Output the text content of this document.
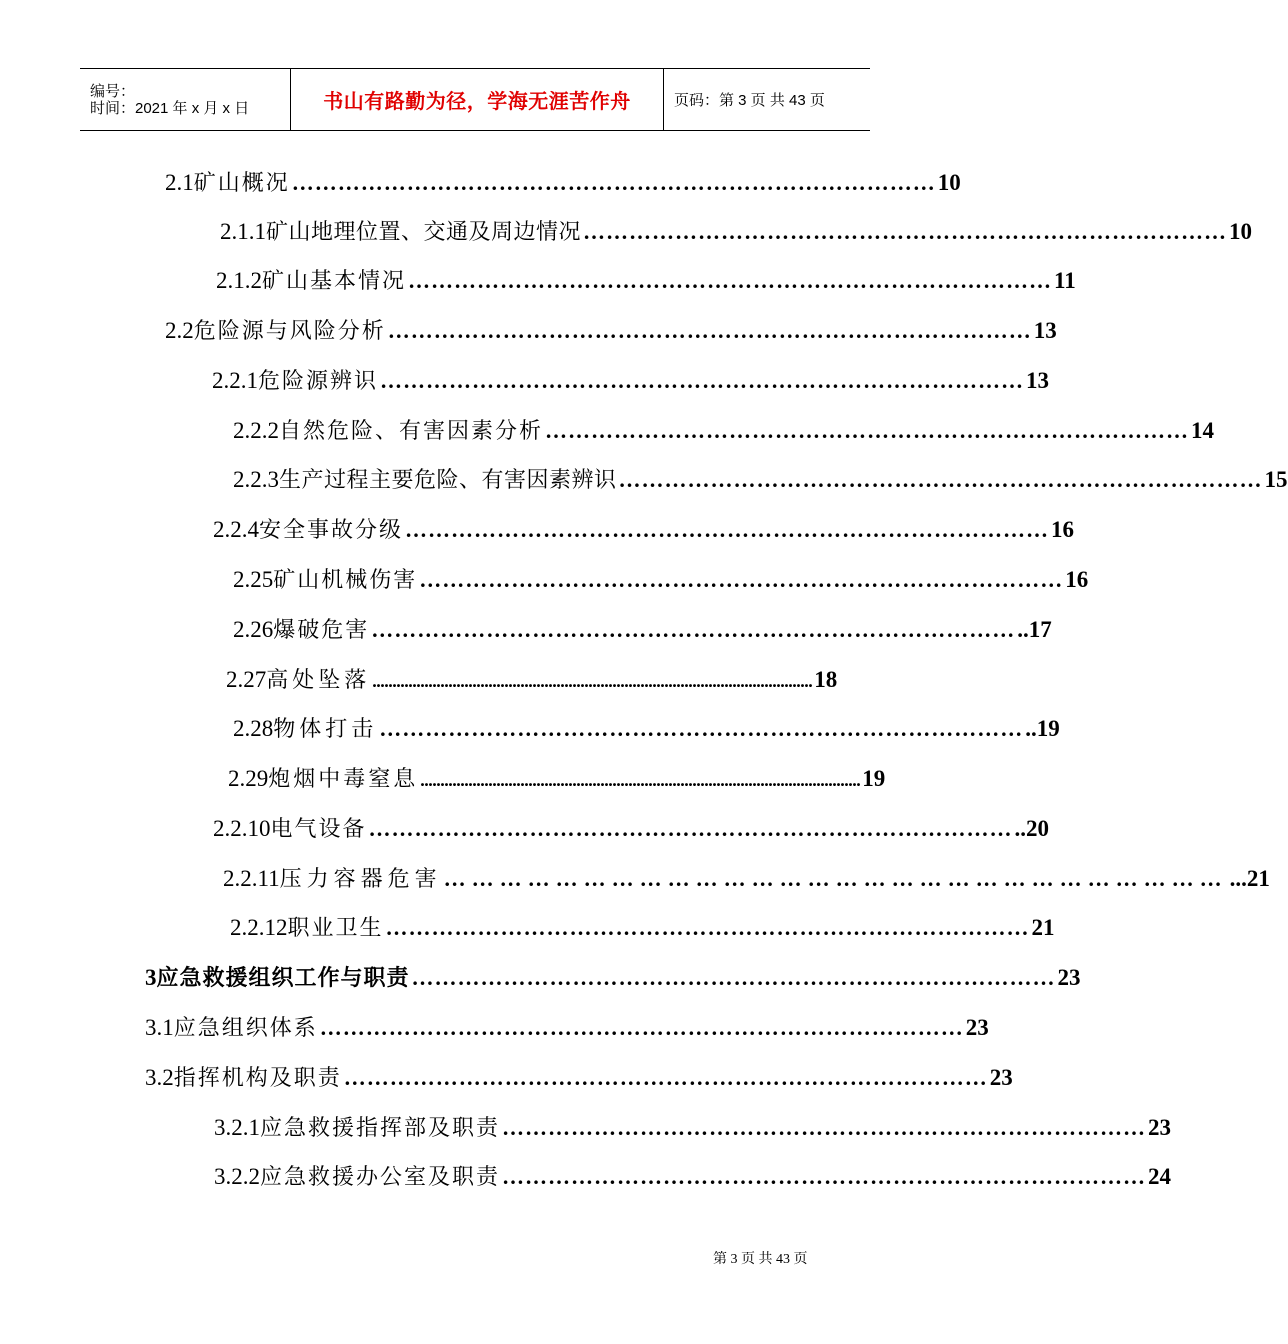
编号：
时间：2021 年 x 月 x 日	书山有路勤为径，学海无涯苦作舟	页码：第 3 页 共 43 页
2.1 矿山概况 ………………………………………………………………………… 10
2.1.1 矿山地理位置、交通及周边情况 ………………………………………………………………………… 10
2.1.2 矿山基本情况 ………………………………………………………………………… 11
2.2 危险源与风险分析 ………………………………………………………………………… 13
2.2.1 危险源辨识 ………………………………………………………………………… 13
2.2.2 自然危险、有害因素分析 ………………………………………………………………………… 14
2.2.3 生产过程主要危险、有害因素辨识 ………………………………………………………………………… 15
2.2.4 安全事故分级 ………………………………………………………………………… 16
2.25 矿山机械伤害 ………………………………………………………………………… 16
2.26 爆破危害 ………………………………………………………………………… ..17
2.27 高处坠落 .............................................................................................................. 18
2.28 物体打击 ………………………………………………………………………… ..19
2.29 炮烟中毒窒息 .............................................................................................................. 19
2.2.10 电气设备 ………………………………………………………………………… ..20
2.2.11 压力容器危害 ………………………………………………………………………… ...21
2.2.12 职业卫生 ………………………………………………………………………… 21
3 应急救援组织工作与职责 ………………………………………………………………………… 23
3.1 应急组织体系 ………………………………………………………………………… 23
3.2 指挥机构及职责 ………………………………………………………………………… 23
3.2.1 应急救援指挥部及职责 ………………………………………………………………………… 23
3.2.2 应急救援办公室及职责 ………………………………………………………………………… 24
第 3 页 共 43 页
